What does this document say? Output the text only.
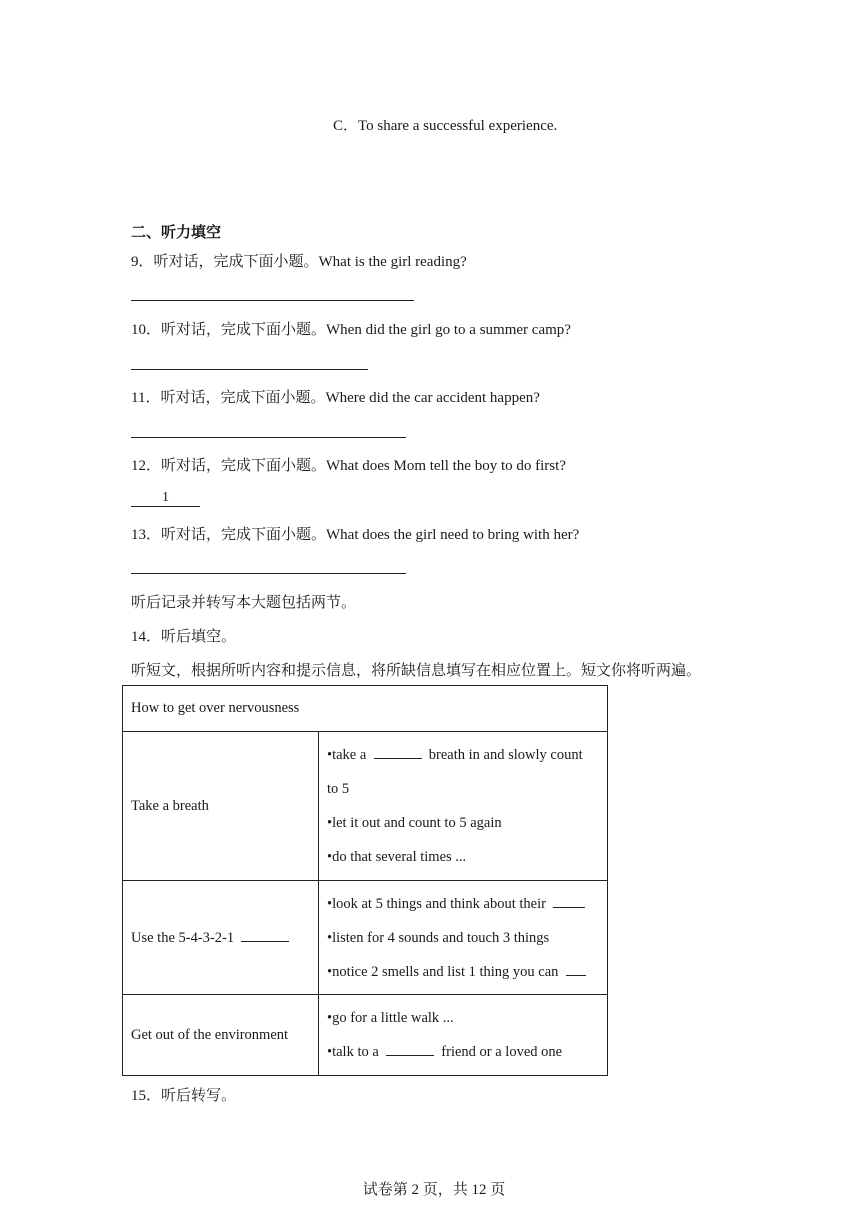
C．To share a successful experience.
二、听力填空
9．听对话，完成下面小题。What is the girl reading?
10．听对话，完成下面小题。When did the girl go to a summer camp?
11．听对话，完成下面小题。Where did the car accident happen?
12．听对话，完成下面小题。What does Mom tell the boy to do first?
1
13．听对话，完成下面小题。What does the girl need to bring with her?
听后记录并转写本大题包括两节。
14．听后填空。
听短文，根据所听内容和提示信息，将所缺信息填写在相应位置上。短文你将听两遍。
How to get over nervousness	
Take a breath	•take a breath in and slowly count
to 5
•let it out and count to 5 again
•do that several times ...

Use the 5-4-3-2-1	•look at 5 things and think about their
•listen for 4 sounds and touch 3 things
•notice 2 smells and list 1 thing you can

Get out of the environment	•go for a little walk ...
•talk to a friend or a loved one
15．听后转写。
试卷第 2 页，共 12 页
